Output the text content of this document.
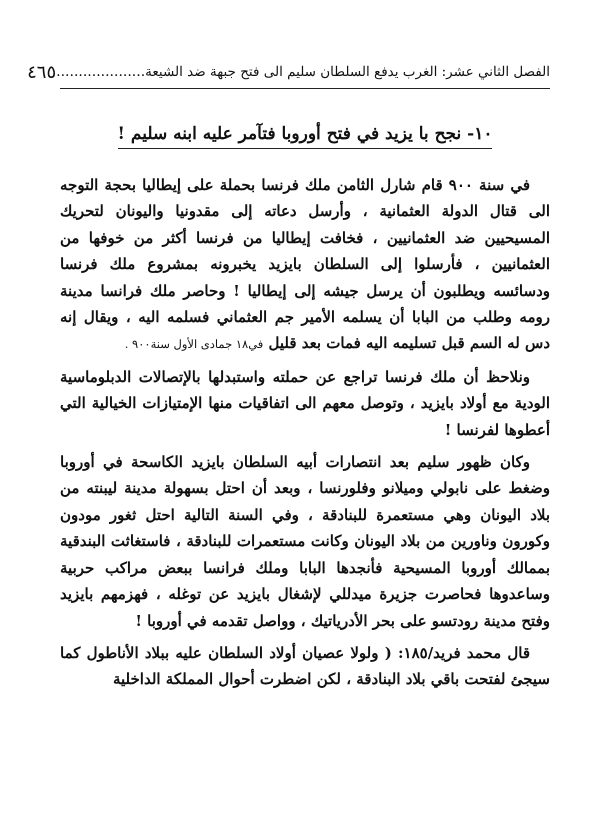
الفصل الثاني عشر: الغرب يدفع السلطان سليم الى فتح جبهة ضد الشيعة....................
٤٦٥
١٠- نجح با يزيد في فتح أوروبا فتآمر عليه ابنه سليم !

في سنة ٩٠٠ قام شارل الثامن ملك فرنسا بحملة على إيطاليا بحجة التوجه الى قتال الدولة العثمانية ، وأرسل دعاته إلى مقدونيا واليونان لتحريك المسيحيين ضد العثمانيين ، فخافت إيطاليا من فرنسا أكثر من خوفها من العثمانيين ، فأرسلوا إلى السلطان بايزيد يخبرونه بمشروع ملك فرنسا ودسائسه ويطلبون أن يرسل جيشه إلى إيطاليا ! وحاصر ملك فرانسا مدينة رومه وطلب من البابا أن يسلمه الأمير جم العثماني فسلمه اليه ، ويقال إنه دس له السم قبل تسليمه اليه فمات بعد قليل في١٨ جمادى الأول سنة٩٠٠ .

ونلاحظ أن ملك فرنسا تراجع عن حملته واستبدلها بالإتصالات الدبلوماسية الودية مع أولاد بايزيد ، وتوصل معهم الى اتفاقيات منها الإمتيازات الخيالية التي أعطوها لفرنسا !

وكان ظهور سليم بعد انتصارات أبيه السلطان بايزيد الكاسحة في أوروبا وضغط على نابولي وميلانو وفلورنسا ، وبعد أن احتل بسهولة مدينة ليبنته من بلاد اليونان وهي مستعمرة للبنادقة ، وفي السنة التالية احتل ثغور مودون وكورون وناورين من بلاد اليونان وكانت مستعمرات للبنادقة ، فاستغاثت البندقية بممالك أوروبا المسيحية فأنجدها البابا وملك فرانسا ببعض مراكب حربية وساعدوها فحاصرت جزيرة ميدللي لإشغال بايزيد عن توغله ، فهزمهم بايزيد وفتح مدينة رودتسو على بحر الأدرياتيك ، وواصل تقدمه في أوروبا !

قال محمد فريد/١٨٥: ( ولولا عصيان أولاد السلطان عليه ببلاد الأناطول كما سيجئ لفتحت باقي بلاد البنادقة ، لكن اضطرت أحوال المملكة الداخلية
